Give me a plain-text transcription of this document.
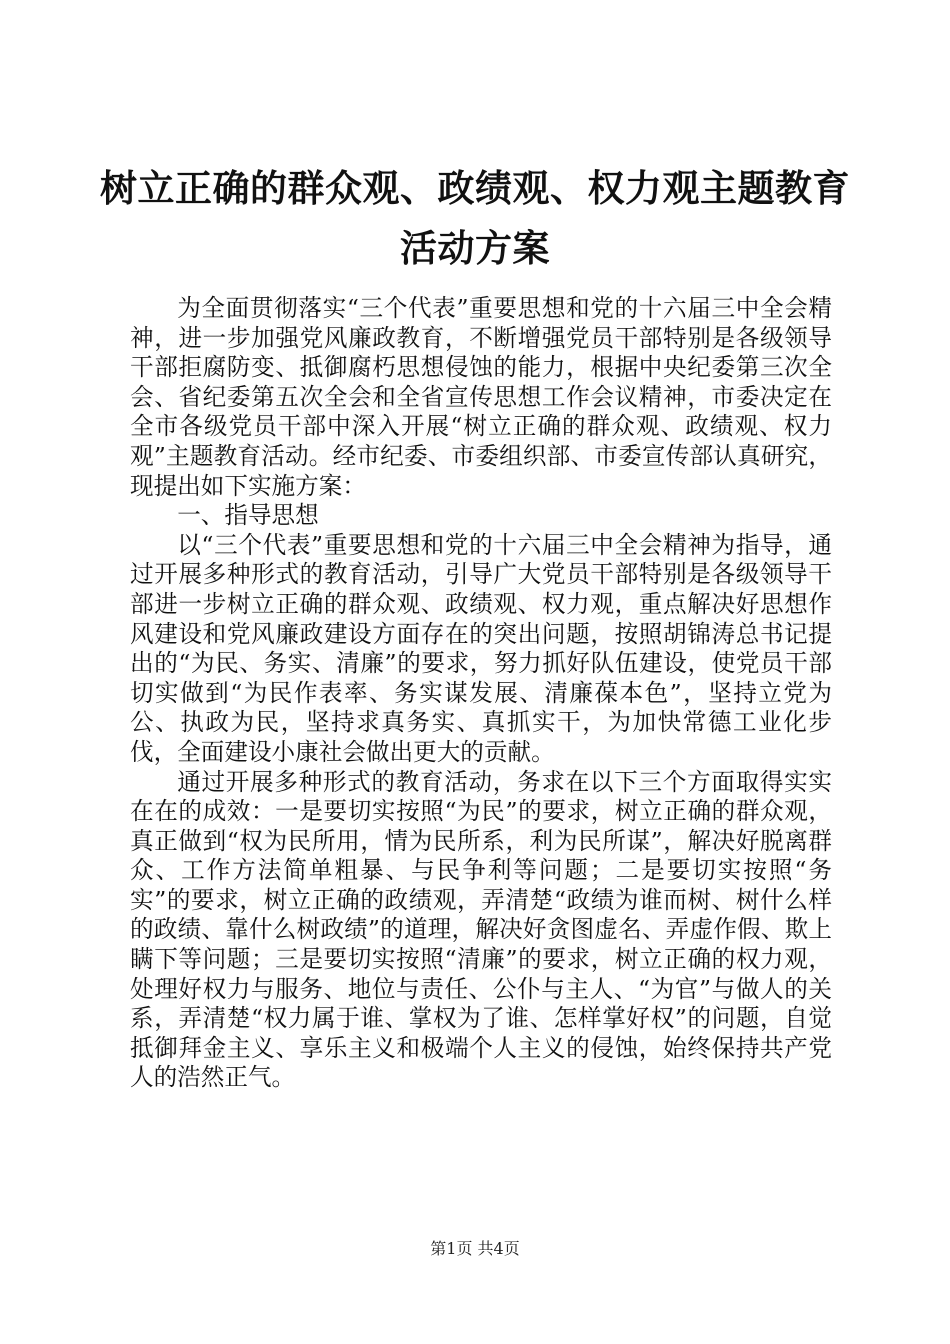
树立正确的群众观、政绩观、权力观主题教育活动方案

为全面贯彻落实“三个代表”重要思想和党的十六届三中全会精神，进一步加强党风廉政教育，不断增强党员干部特别是各级领导干部拒腐防变、抵御腐朽思想侵蚀的能力，根据中央纪委第三次全会、省纪委第五次全会和全省宣传思想工作会议精神，市委决定在全市各级党员干部中深入开展“树立正确的群众观、政绩观、权力观”主题教育活动。经市纪委、市委组织部、市委宣传部认真研究，现提出如下实施方案：

一、指导思想

以“三个代表”重要思想和党的十六届三中全会精神为指导，通过开展多种形式的教育活动，引导广大党员干部特别是各级领导干部进一步树立正确的群众观、政绩观、权力观，重点解决好思想作风建设和党风廉政建设方面存在的突出问题，按照胡锦涛总书记提出的“为民、务实、清廉”的要求，努力抓好队伍建设，使党员干部切实做到“为民作表率、务实谋发展、清廉葆本色”，坚持立党为公、执政为民，坚持求真务实、真抓实干，为加快常德工业化步伐，全面建设小康社会做出更大的贡献。

通过开展多种形式的教育活动，务求在以下三个方面取得实实在在的成效：一是要切实按照“为民”的要求，树立正确的群众观，真正做到“权为民所用，情为民所系，利为民所谋”，解决好脱离群众、工作方法简单粗暴、与民争利等问题；二是要切实按照“务实”的要求，树立正确的政绩观，弄清楚“政绩为谁而树、树什么样的政绩、靠什么树政绩”的道理，解决好贪图虚名、弄虚作假、欺上瞒下等问题；三是要切实按照“清廉”的要求，树立正确的权力观，处理好权力与服务、地位与责任、公仆与主人、“为官”与做人的关系，弄清楚“权力属于谁、掌权为了谁、怎样掌好权”的问题，自觉抵御拜金主义、享乐主义和极端个人主义的侵蚀，始终保持共产党人的浩然正气。

第1页 共4页
